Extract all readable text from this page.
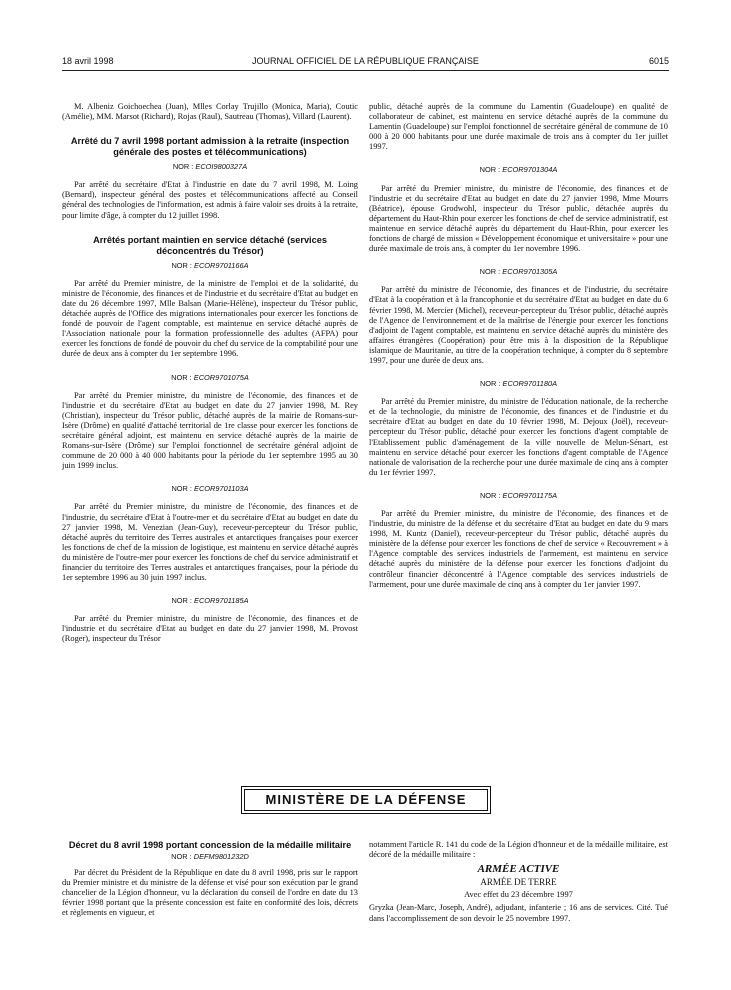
18 avril 1998	JOURNAL OFFICIEL DE LA RÉPUBLIQUE FRANÇAISE	6015

M. Albeniz Goichoechea (Juan), Mlles Corlay Trujillo (Monica, Maria), Coutic (Amélie), MM. Marsot (Richard), Rojas (Raul), Sautreau (Thomas), Villard (Laurent).

Arrêté du 7 avril 1998 portant admission à la retraite (inspection générale des postes et télécommunications)
NOR : ECOI9800327A

Par arrêté du secrétaire d'Etat à l'industrie en date du 7 avril 1998, M. Loing (Bernard), inspecteur général des postes et télécommunications affecté au Conseil général des technologies de l'information, est admis à faire valoir ses droits à la retraite, pour limite d'âge, à compter du 12 juillet 1998.

Arrêtés portant maintien en service détaché (services déconcentrés du Trésor)
NOR : ECOR9701166A

Par arrêté du Premier ministre, de la ministre de l'emploi et de la solidarité, du ministre de l'économie, des finances et de l'industrie et du secrétaire d'Etat au budget en date du 26 décembre 1997, Mlle Balsan (Marie-Hélène), inspecteur du Trésor public, détachée auprès de l'Office des migrations internationales pour exercer les fonctions de fondé de pouvoir de l'agent comptable, est maintenue en service détaché auprès de l'Association nationale pour la formation professionnelle des adultes (AFPA) pour exercer les fonctions de fondé de pouvoir du chef du service de la comptabilité pour une durée de deux ans à compter du 1er septembre 1996.

NOR : ECOR9701075A

Par arrêté du Premier ministre, du ministre de l'économie, des finances et de l'industrie et du secrétaire d'Etat au budget en date du 27 janvier 1998, M. Rey (Christian), inspecteur du Trésor public, détaché auprès de la mairie de Romans-sur-Isère (Drôme) en qualité d'attaché territorial de 1re classe pour exercer les fonctions de secrétaire général adjoint, est maintenu en service détaché auprès de la mairie de Romans-sur-Isère (Drôme) sur l'emploi fonctionnel de secrétaire général adjoint de commune de 20 000 à 40 000 habitants pour la période du 1er septembre 1995 au 30 juin 1999 inclus.

NOR : ECOR9701103A

Par arrêté du Premier ministre, du ministre de l'économie, des finances et de l'industrie, du secrétaire d'Etat à l'outre-mer et du secrétaire d'Etat au budget en date du 27 janvier 1998, M. Venezian (Jean-Guy), receveur-percepteur du Trésor public, détaché auprès du territoire des Terres australes et antarctiques françaises pour exercer les fonctions de chef de la mission de logistique, est maintenu en service détaché auprès du ministère de l'outre-mer pour exercer les fonctions de chef du service administratif et financier du territoire des Terres australes et antarctiques françaises, pour la période du 1er septembre 1996 au 30 juin 1997 inclus.

NOR : ECOR9701185A

Par arrêté du Premier ministre, du ministre de l'économie, des finances et de l'industrie et du secrétaire d'Etat au budget en date du 27 janvier 1998, M. Provost (Roger), inspecteur du Trésor

public, détaché auprès de la commune du Lamentin (Guadeloupe) en qualité de collaborateur de cabinet, est maintenu en service détaché auprès de la commune du Lamentin (Guadeloupe) sur l'emploi fonctionnel de secrétaire général de commune de 10 000 à 20 000 habitants pour une durée maximale de trois ans à compter du 1er juillet 1997.

NOR : ECOR9701304A

Par arrêté du Premier ministre, du ministre de l'économie, des finances et de l'industrie et du secrétaire d'Etat au budget en date du 27 janvier 1998, Mme Mourrs (Béatrice), épouse Grodwohl, inspecteur du Trésor public, détachée auprès du département du Haut-Rhin pour exercer les fonctions de chef de service administratif, est maintenue en service détaché auprès du département du Haut-Rhin, pour exercer les fonctions de chargé de mission « Développement économique et universitaire » pour une durée maximale de trois ans, à compter du 1er novembre 1996.

NOR : ECOR9701305A

Par arrêté du ministre de l'économie, des finances et de l'industrie, du secrétaire d'Etat à la coopération et à la francophonie et du secrétaire d'Etat au budget en date du 6 février 1998, M. Mercier (Michel), receveur-percepteur du Trésor public, détaché auprès de l'Agence de l'environnement et de la maîtrise de l'énergie pour exercer les fonctions d'adjoint de l'agent comptable, est maintenu en service détaché auprès du ministère des affaires étrangères (Coopération) pour être mis à la disposition de la République islamique de Mauritanie, au titre de la coopération technique, à compter du 8 septembre 1997, pour une durée de deux ans.

NOR : ECOR9701180A

Par arrêté du Premier ministre, du ministre de l'éducation nationale, de la recherche et de la technologie, du ministre de l'économie, des finances et de l'industrie et du secrétaire d'Etat au budget en date du 10 février 1998, M. Dejoux (Joël), receveur-percepteur du Trésor public, détaché pour exercer les fonctions d'agent comptable de l'Etablissement public d'aménagement de la ville nouvelle de Melun-Sénart, est maintenu en service détaché pour exercer les fonctions d'agent comptable de l'Agence nationale de valorisation de la recherche pour une durée maximale de cinq ans à compter du 1er février 1997.

NOR : ECOR9701175A

Par arrêté du Premier ministre, du ministre de l'économie, des finances et de l'industrie, du ministre de la défense et du secrétaire d'Etat au budget en date du 9 mars 1998, M. Kuntz (Daniel), receveur-percepteur du Trésor public, détaché auprès du ministère de la défense pour exercer les fonctions de chef de service « Recouvrement » à l'Agence comptable des services industriels de l'armement, est maintenu en service détaché auprès du ministère de la défense pour exercer les fonctions d'adjoint du contrôleur financier déconcentré à l'Agence comptable des services industriels de l'armement, pour une durée maximale de cinq ans à compter du 1er janvier 1997.

MINISTÈRE DE LA DÉFENSE
Décret du 8 avril 1998 portant concession de la médaille militaire
NOR : DEFM9801232D

Par décret du Président de la République en date du 8 avril 1998, pris sur le rapport du Premier ministre et du ministre de la défense et visé pour son exécution par le grand chancelier de la Légion d'honneur, vu la déclaration du conseil de l'ordre en date du 13 février 1998 portant que la présente concession est faite en conformité des lois, décrets et règlements en vigueur, et

notamment l'article R. 141 du code de la Légion d'honneur et de la médaille militaire, est décoré de la médaille militaire :

ARMÉE ACTIVE
ARMÉE DE TERRE
Avec effet du 23 décembre 1997

Gryzka (Jean-Marc, Joseph, André), adjudant, infanterie ; 16 ans de services. Cité. Tué dans l'accomplissement de son devoir le 25 novembre 1997.
